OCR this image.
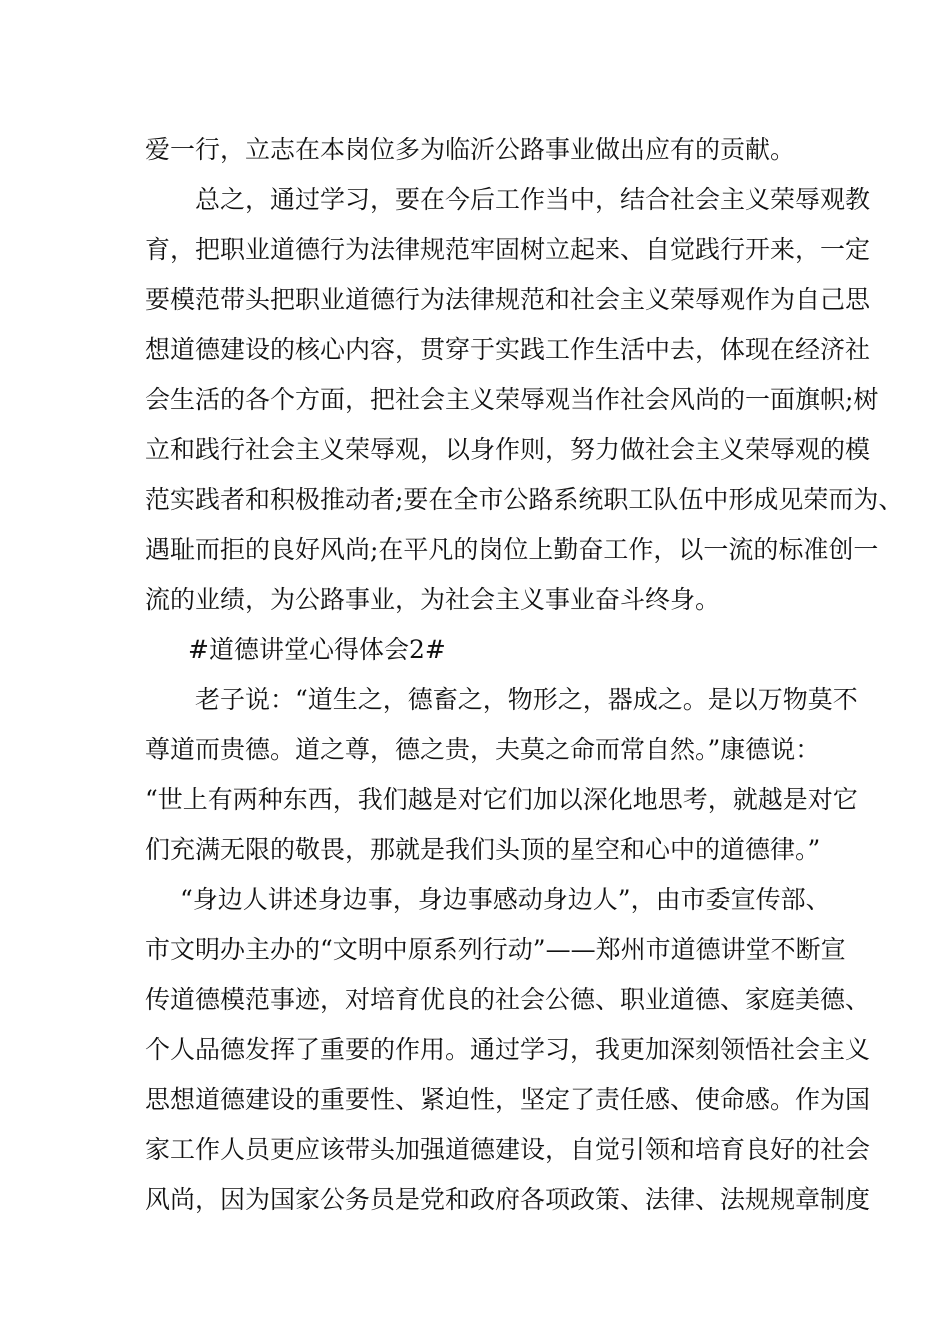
爱一行，立志在本岗位多为临沂公路事业做出应有的贡献。
总之，通过学习，要在今后工作当中，结合社会主义荣辱观教
育，把职业道德行为法律规范牢固树立起来、自觉践行开来，一定
要模范带头把职业道德行为法律规范和社会主义荣辱观作为自己思
想道德建设的核心内容，贯穿于实践工作生活中去，体现在经济社
会生活的各个方面，把社会主义荣辱观当作社会风尚的一面旗帜;树
立和践行社会主义荣辱观，以身作则，努力做社会主义荣辱观的模
范实践者和积极推动者;要在全市公路系统职工队伍中形成见荣而为、
遇耻而拒的良好风尚;在平凡的岗位上勤奋工作，以一流的标准创一
流的业绩，为公路事业，为社会主义事业奋斗终身。
#道德讲堂心得体会2#
老子说：“道生之，德畜之，物形之，器成之。是以万物莫不
尊道而贵德。道之尊，德之贵，夫莫之命而常自然。”康德说：
“世上有两种东西，我们越是对它们加以深化地思考，就越是对它
们充满无限的敬畏，那就是我们头顶的星空和心中的道德律。”
“身边人讲述身边事，身边事感动身边人”，由市委宣传部、
市文明办主办的“文明中原系列行动”——郑州市道德讲堂不断宣
传道德模范事迹，对培育优良的社会公德、职业道德、家庭美德、
个人品德发挥了重要的作用。通过学习，我更加深刻领悟社会主义
思想道德建设的重要性、紧迫性，坚定了责任感、使命感。作为国
家工作人员更应该带头加强道德建设，自觉引领和培育良好的社会
风尚，因为国家公务员是党和政府各项政策、法律、法规规章制度
